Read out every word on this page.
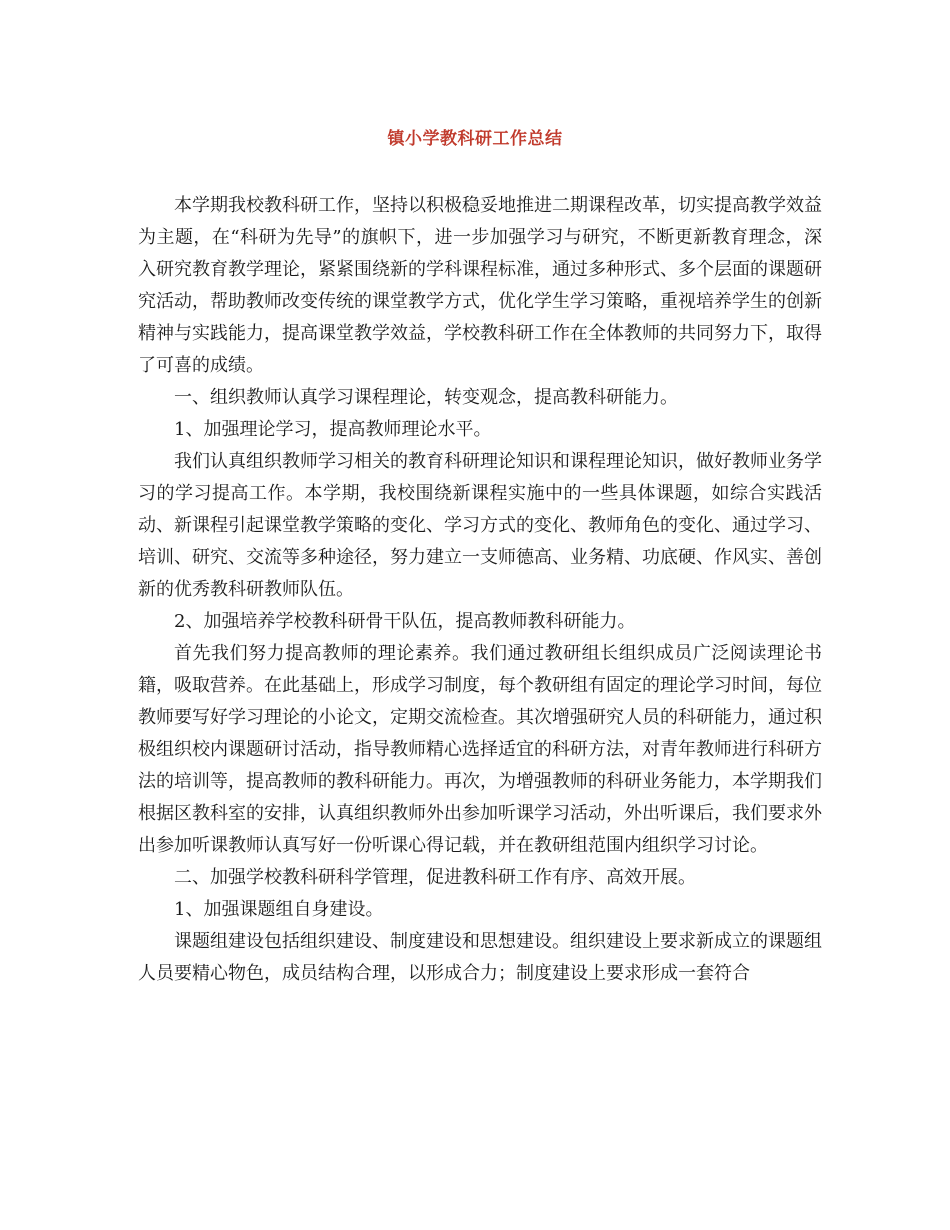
镇小学教科研工作总结

本学期我校教科研工作，坚持以积极稳妥地推进二期课程改革，切实提高教学效益为主题，在“科研为先导”的旗帜下，进一步加强学习与研究，不断更新教育理念，深入研究教育教学理论，紧紧围绕新的学科课程标准，通过多种形式、多个层面的课题研究活动，帮助教师改变传统的课堂教学方式，优化学生学习策略，重视培养学生的创新精神与实践能力，提高课堂教学效益，学校教科研工作在全体教师的共同努力下，取得了可喜的成绩。

一、组织教师认真学习课程理论，转变观念，提高教科研能力。

1、加强理论学习，提高教师理论水平。

我们认真组织教师学习相关的教育科研理论知识和课程理论知识，做好教师业务学习的学习提高工作。本学期，我校围绕新课程实施中的一些具体课题，如综合实践活动、新课程引起课堂教学策略的变化、学习方式的变化、教师角色的变化、通过学习、培训、研究、交流等多种途径，努力建立一支师德高、业务精、功底硬、作风实、善创新的优秀教科研教师队伍。

2、加强培养学校教科研骨干队伍，提高教师教科研能力。

首先我们努力提高教师的理论素养。我们通过教研组长组织成员广泛阅读理论书籍，吸取营养。在此基础上，形成学习制度，每个教研组有固定的理论学习时间，每位教师要写好学习理论的小论文，定期交流检查。其次增强研究人员的科研能力，通过积极组织校内课题研讨活动，指导教师精心选择适宜的科研方法，对青年教师进行科研方法的培训等，提高教师的教科研能力。再次，为增强教师的科研业务能力，本学期我们根据区教科室的安排，认真组织教师外出参加听课学习活动，外出听课后，我们要求外出参加听课教师认真写好一份听课心得记载，并在教研组范围内组织学习讨论。

二、加强学校教科研科学管理，促进教科研工作有序、高效开展。

1、加强课题组自身建设。

课题组建设包括组织建设、制度建设和思想建设。组织建设上要求新成立的课题组人员要精心物色，成员结构合理，以形成合力；制度建设上要求形成一套符合
